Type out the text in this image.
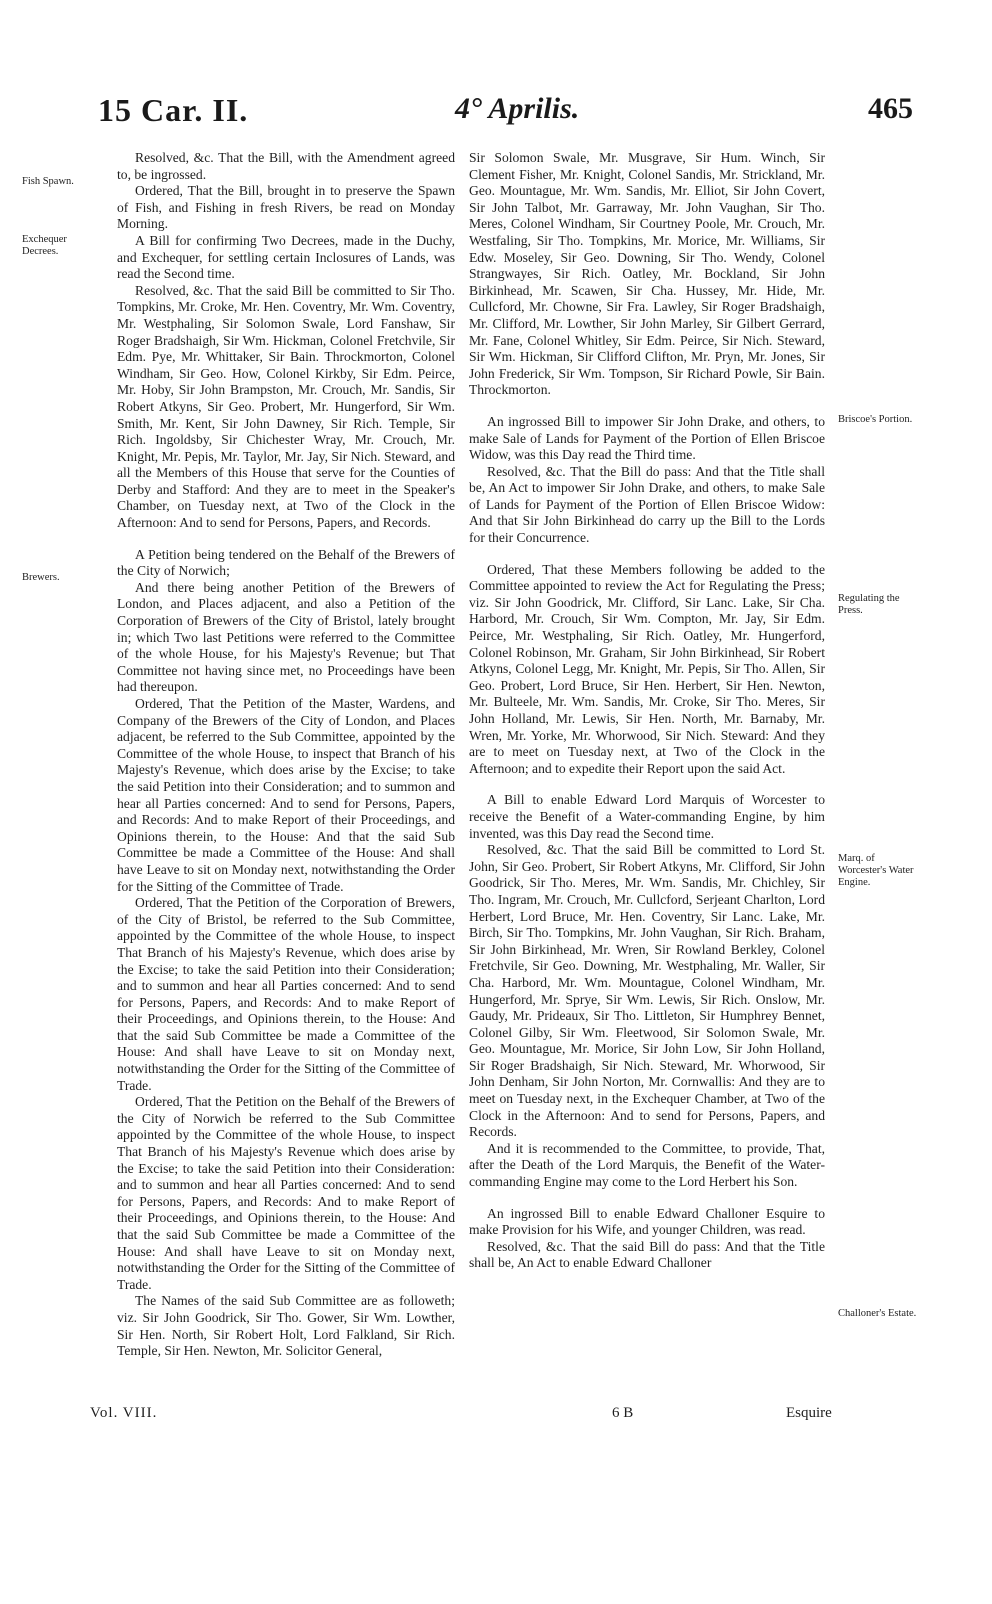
15 Car. II.	4° Aprilis.	465
Fish Spawn.
Exchequer Decrees.
Brewers.
Briscoe's Portion.
Regulating the Press.
Marq. of Worcester's Water Engine.
Challoner's Estate.

Resolved, &c. That the Bill, with the Amendment agreed to, be ingrossed.

Ordered, That the Bill, brought in to preserve the Spawn of Fish, and Fishing in fresh Rivers, be read on Monday Morning.

A Bill for confirming Two Decrees, made in the Duchy, and Exchequer, for settling certain Inclosures of Lands, was read the Second time.

Resolved, &c. That the said Bill be committed to Sir Tho. Tompkins, Mr. Croke, Mr. Hen. Coventry, Mr. Wm. Coventry, Mr. Westphaling, Sir Solomon Swale, Lord Fanshaw, Sir Roger Bradshaigh, Sir Wm. Hickman, Colonel Fretchvile, Sir Edm. Pye, Mr. Whittaker, Sir Bain. Throckmorton, Colonel Windham, Sir Geo. How, Colonel Kirkby, Sir Edm. Peirce, Mr. Hoby, Sir John Brampston, Mr. Crouch, Mr. Sandis, Sir Robert Atkyns, Sir Geo. Probert, Mr. Hungerford, Sir Wm. Smith, Mr. Kent, Sir John Dawney, Sir Rich. Temple, Sir Rich. Ingoldsby, Sir Chichester Wray, Mr. Crouch, Mr. Knight, Mr. Pepis, Mr. Taylor, Mr. Jay, Sir Nich. Steward, and all the Members of this House that serve for the Counties of Derby and Stafford: And they are to meet in the Speaker's Chamber, on Tuesday next, at Two of the Clock in the Afternoon: And to send for Persons, Papers, and Records.

A Petition being tendered on the Behalf of the Brewers of the City of Norwich;

And there being another Petition of the Brewers of London, and Places adjacent, and also a Petition of the Corporation of Brewers of the City of Bristol, lately brought in; which Two last Petitions were referred to the Committee of the whole House, for his Majesty's Revenue; but That Committee not having since met, no Proceedings have been had thereupon.

Ordered, That the Petition of the Master, Wardens, and Company of the Brewers of the City of London, and Places adjacent, be referred to the Sub Committee, appointed by the Committee of the whole House, to inspect that Branch of his Majesty's Revenue, which does arise by the Excise; to take the said Petition into their Consideration; and to summon and hear all Parties concerned: And to send for Persons, Papers, and Records: And to make Report of their Proceedings, and Opinions therein, to the House: And that the said Sub Committee be made a Committee of the House: And shall have Leave to sit on Monday next, notwithstanding the Order for the Sitting of the Committee of Trade.

Ordered, That the Petition of the Corporation of Brewers, of the City of Bristol, be referred to the Sub Committee, appointed by the Committee of the whole House, to inspect That Branch of his Majesty's Revenue, which does arise by the Excise; to take the said Petition into their Consideration; and to summon and hear all Parties concerned: And to send for Persons, Papers, and Records: And to make Report of their Proceedings, and Opinions therein, to the House: And that the said Sub Committee be made a Committee of the House: And shall have Leave to sit on Monday next, notwithstanding the Order for the Sitting of the Committee of Trade.

Ordered, That the Petition on the Behalf of the Brewers of the City of Norwich be referred to the Sub Committee appointed by the Committee of the whole House, to inspect That Branch of his Majesty's Revenue which does arise by the Excise; to take the said Petition into their Consideration: and to summon and hear all Parties concerned: And to send for Persons, Papers, and Records: And to make Report of their Proceedings, and Opinions therein, to the House: And that the said Sub Committee be made a Committee of the House: And shall have Leave to sit on Monday next, notwithstanding the Order for the Sitting of the Committee of Trade.

The Names of the said Sub Committee are as followeth; viz. Sir John Goodrick, Sir Tho. Gower, Sir Wm. Lowther, Sir Hen. North, Sir Robert Holt, Lord Falkland, Sir Rich. Temple, Sir Hen. Newton, Mr. Solicitor General,

Sir Solomon Swale, Mr. Musgrave, Sir Hum. Winch, Sir Clement Fisher, Mr. Knight, Colonel Sandis, Mr. Strickland, Mr. Geo. Mountague, Mr. Wm. Sandis, Mr. Elliot, Sir John Covert, Sir John Talbot, Mr. Garraway, Mr. John Vaughan, Sir Tho. Meres, Colonel Windham, Sir Courtney Poole, Mr. Crouch, Mr. Westfaling, Sir Tho. Tompkins, Mr. Morice, Mr. Williams, Sir Edw. Moseley, Sir Geo. Downing, Sir Tho. Wendy, Colonel Strangwayes, Sir Rich. Oatley, Mr. Bockland, Sir John Birkinhead, Mr. Scawen, Sir Cha. Hussey, Mr. Hide, Mr. Cullcford, Mr. Chowne, Sir Fra. Lawley, Sir Roger Bradshaigh, Mr. Clifford, Mr. Lowther, Sir John Marley, Sir Gilbert Gerrard, Mr. Fane, Colonel Whitley, Sir Edm. Peirce, Sir Nich. Steward, Sir Wm. Hickman, Sir Clifford Clifton, Mr. Pryn, Mr. Jones, Sir John Frederick, Sir Wm. Tompson, Sir Richard Powle, Sir Bain. Throckmorton.

An ingrossed Bill to impower Sir John Drake, and others, to make Sale of Lands for Payment of the Portion of Ellen Briscoe Widow, was this Day read the Third time.

Resolved, &c. That the Bill do pass: And that the Title shall be, An Act to impower Sir John Drake, and others, to make Sale of Lands for Payment of the Portion of Ellen Briscoe Widow: And that Sir John Birkinhead do carry up the Bill to the Lords for their Concurrence.

Ordered, That these Members following be added to the Committee appointed to review the Act for Regulating the Press; viz. Sir John Goodrick, Mr. Clifford, Sir Lanc. Lake, Sir Cha. Harbord, Mr. Crouch, Sir Wm. Compton, Mr. Jay, Sir Edm. Peirce, Mr. Westphaling, Sir Rich. Oatley, Mr. Hungerford, Colonel Robinson, Mr. Graham, Sir John Birkinhead, Sir Robert Atkyns, Colonel Legg, Mr. Knight, Mr. Pepis, Sir Tho. Allen, Sir Geo. Probert, Lord Bruce, Sir Hen. Herbert, Sir Hen. Newton, Mr. Bulteele, Mr. Wm. Sandis, Mr. Croke, Sir Tho. Meres, Sir John Holland, Mr. Lewis, Sir Hen. North, Mr. Barnaby, Mr. Wren, Mr. Yorke, Mr. Whorwood, Sir Nich. Steward: And they are to meet on Tuesday next, at Two of the Clock in the Afternoon; and to expedite their Report upon the said Act.

A Bill to enable Edward Lord Marquis of Worcester to receive the Benefit of a Water-commanding Engine, by him invented, was this Day read the Second time.

Resolved, &c. That the said Bill be committed to Lord St. John, Sir Geo. Probert, Sir Robert Atkyns, Mr. Clifford, Sir John Goodrick, Sir Tho. Meres, Mr. Wm. Sandis, Mr. Chichley, Sir Tho. Ingram, Mr. Crouch, Mr. Cullcford, Serjeant Charlton, Lord Herbert, Lord Bruce, Mr. Hen. Coventry, Sir Lanc. Lake, Mr. Birch, Sir Tho. Tompkins, Mr. John Vaughan, Sir Rich. Braham, Sir John Birkinhead, Mr. Wren, Sir Rowland Berkley, Colonel Fretchvile, Sir Geo. Downing, Mr. Westphaling, Mr. Waller, Sir Cha. Harbord, Mr. Wm. Mountague, Colonel Windham, Mr. Hungerford, Mr. Sprye, Sir Wm. Lewis, Sir Rich. Onslow, Mr. Gaudy, Mr. Prideaux, Sir Tho. Littleton, Sir Humphrey Bennet, Colonel Gilby, Sir Wm. Fleetwood, Sir Solomon Swale, Mr. Geo. Mountague, Mr. Morice, Sir John Low, Sir John Holland, Sir Roger Bradshaigh, Sir Nich. Steward, Mr. Whorwood, Sir John Denham, Sir John Norton, Mr. Cornwallis: And they are to meet on Tuesday next, in the Exchequer Chamber, at Two of the Clock in the Afternoon: And to send for Persons, Papers, and Records.

And it is recommended to the Committee, to provide, That, after the Death of the Lord Marquis, the Benefit of the Water-commanding Engine may come to the Lord Herbert his Son.

An ingrossed Bill to enable Edward Challoner Esquire to make Provision for his Wife, and younger Children, was read.

Resolved, &c. That the said Bill do pass: And that the Title shall be, An Act to enable Edward Challoner

Vol. VIII.	6 B	Esquire
